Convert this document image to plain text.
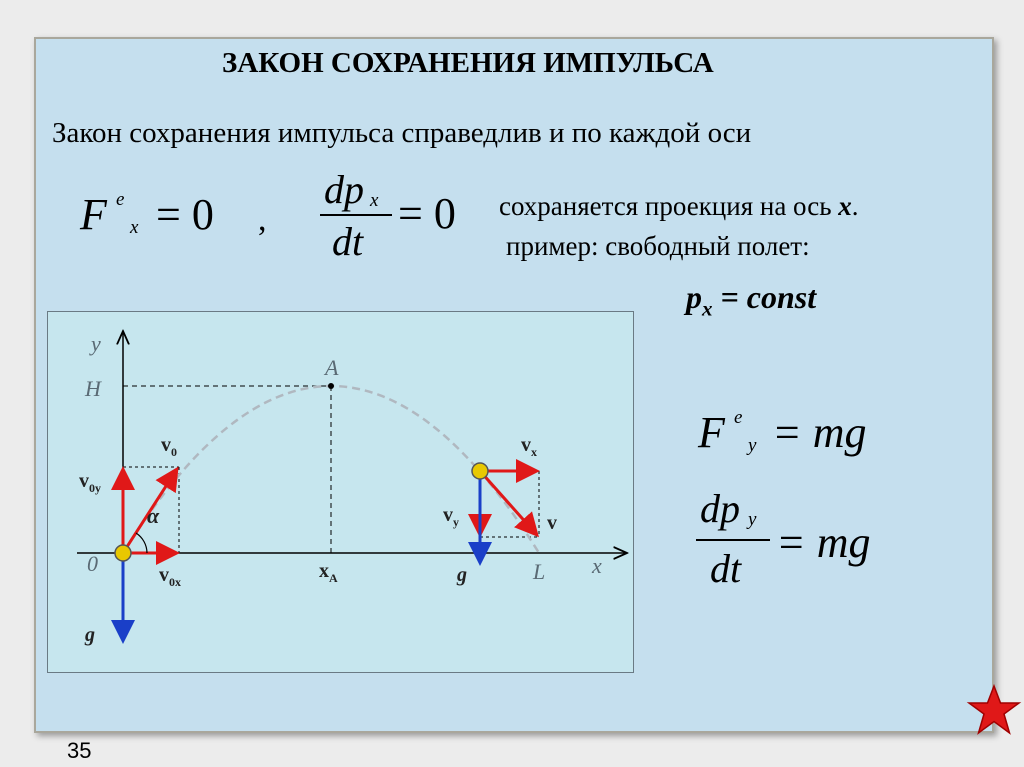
ЗАКОН СОХРАНЕНИЯ ИМПУЛЬСА
Закон сохранения импульса справедлив и по каждой оси
F e
x = 0 ,
dp x
dt
= 0 сохраняется проекция на ось x.
пример: свободный полет:
$p_x$ = const
F e
y = mg
dp y
dt
= mg
y
x
H
A
0	L
$x_A$
$v_0$
$v_{0y}$
$v_{0x}$
α
g
g
$v_x$
$v_y$	v
35
